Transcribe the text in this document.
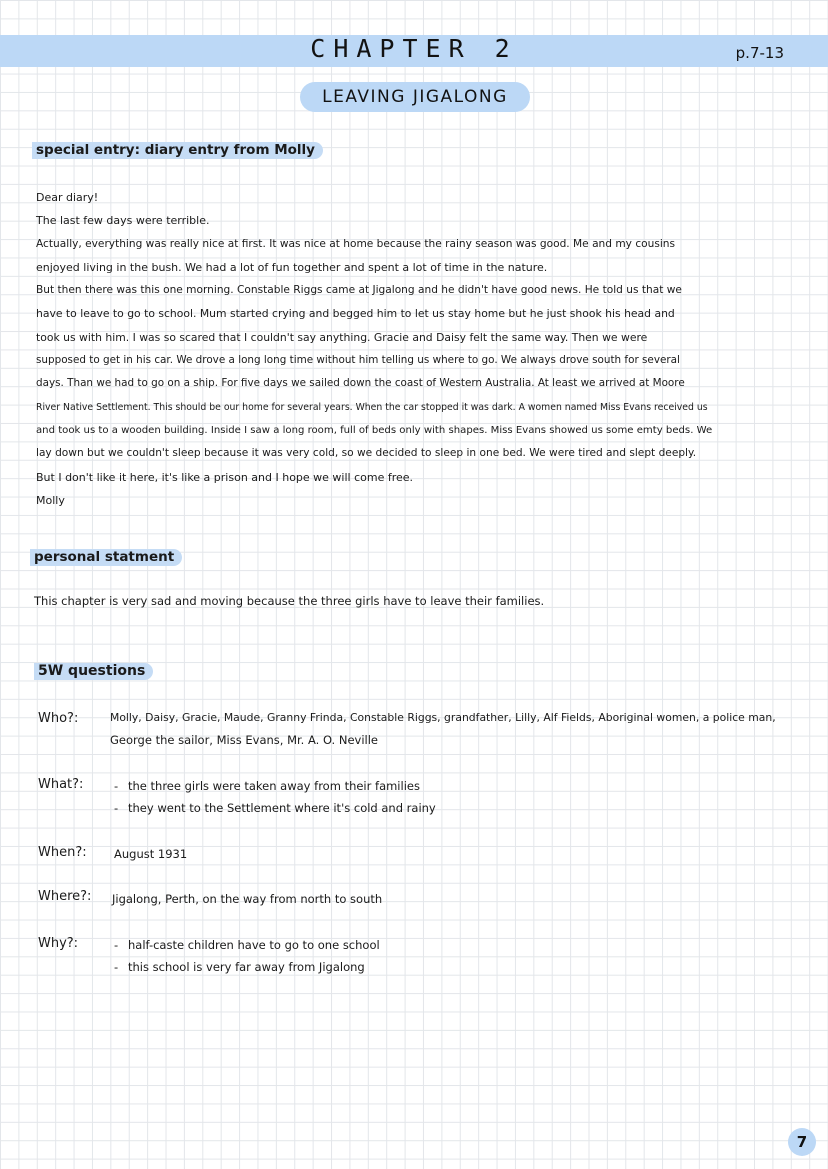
CHAPTER 2	p.7-13
LEAVING JIGALONG
special entry: diary entry from Molly
Dear diary!
The last few days were terrible.
Actually, everything was really nice at first. It was nice at home because the rainy season was good. Me and my cousins
enjoyed living in the bush. We had a lot of fun together and spent a lot of time in the nature.
But then there was this one morning. Constable Riggs came at Jigalong and he didn't have good news. He told us that we
have to leave to go to school. Mum started crying and begged him to let us stay home but he just shook his head and
took us with him. I was so scared that I couldn't say anything. Gracie and Daisy felt the same way. Then we were
supposed to get in his car. We drove a long long time without him telling us where to go. We always drove south for several
days. Than we had to go on a ship. For five days we sailed down the coast of Western Australia. At least we arrived at Moore
River Native Settlement. This should be our home for several years. When the car stopped it was dark. A women named Miss Evans received us
and took us to a wooden building. Inside I saw a long room, full of beds only with shapes. Miss Evans showed us some emty beds. We
lay down but we couldn't sleep because it was very cold, so we decided to sleep in one bed. We were tired and slept deeply.
But I don't like it here, it's like a prison and I hope we will come free.
Molly
personal statment
This chapter is very sad and moving because the three girls have to leave their families.
5W questions
Who?:	Molly, Daisy, Gracie, Maude, Granny Frinda, Constable Riggs, grandfather, Lilly, Alf Fields, Aboriginal women, a police man,
George the sailor, Miss Evans, Mr. A. O. Neville
What?:	- the three girls were taken away from their families
- they went to the Settlement where it's cold and rainy
When?: August 1931
Where?: Jigalong, Perth, on the way from north to south
Why?:	- half-caste children have to go to one school
- this school is very far away from Jigalong
7
